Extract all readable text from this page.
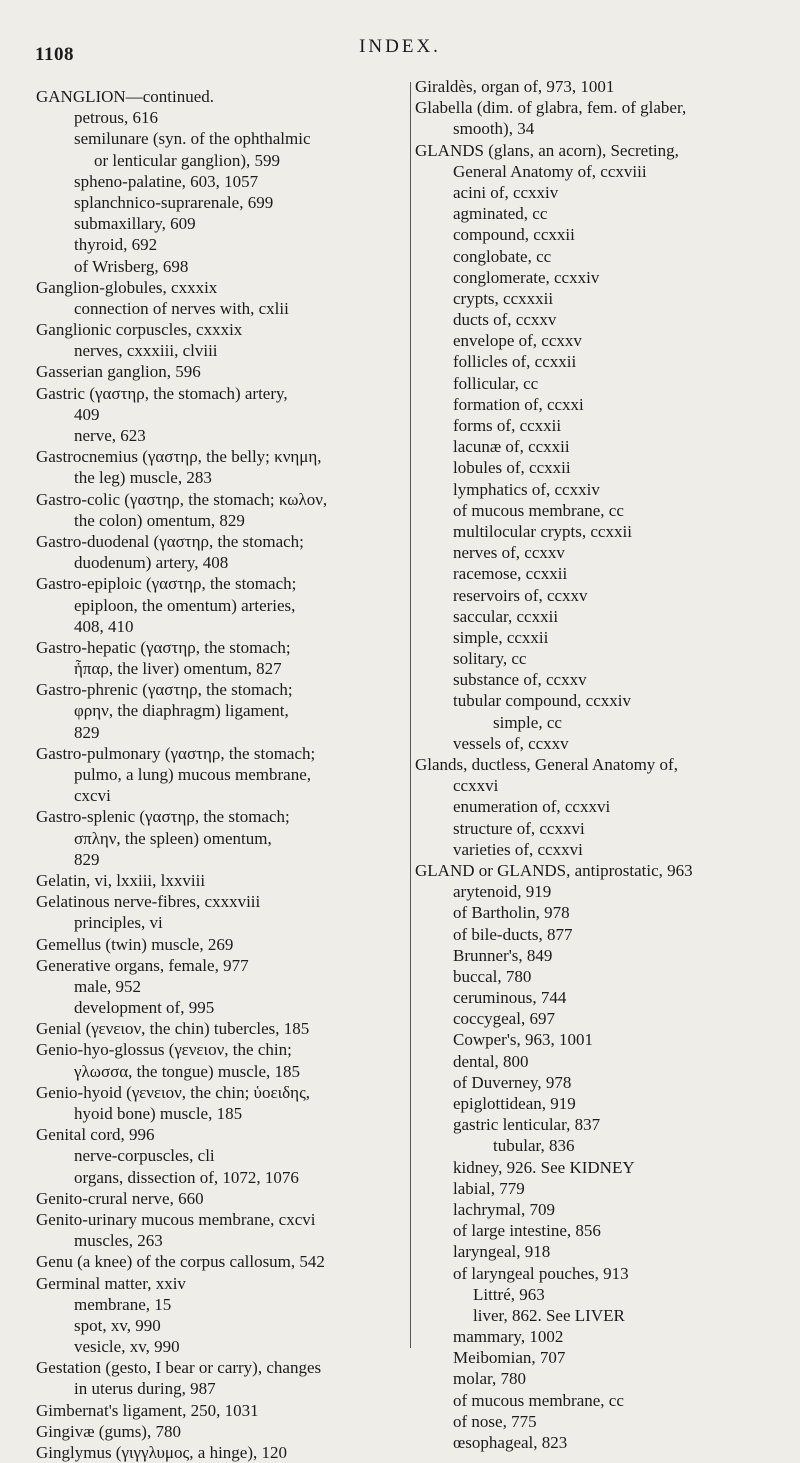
1108	INDEX.
GANGLION—continued.
petrous, 616
semilunare (syn. of the ophthalmic
or lenticular ganglion), 599
spheno-palatine, 603, 1057
splanchnico-suprarenale, 699
submaxillary, 609
thyroid, 692
of Wrisberg, 698
Ganglion-globules, cxxxix
connection of nerves with, cxlii
Ganglionic corpuscles, cxxxix
nerves, cxxxiii, clviii
Gasserian ganglion, 596
Gastric (γαστηρ, the stomach) artery,
409
nerve, 623
Gastrocnemius (γαστηρ, the belly; κνημη,
the leg) muscle, 283
Gastro-colic (γαστηρ, the stomach; κωλον,
the colon) omentum, 829
Gastro-duodenal (γαστηρ, the stomach;
duodenum) artery, 408
Gastro-epiploic (γαστηρ, the stomach;
epiploon, the omentum) arteries,
408, 410
Gastro-hepatic (γαστηρ, the stomach;
ἧπαρ, the liver) omentum, 827
Gastro-phrenic (γαστηρ, the stomach;
φρην, the diaphragm) ligament,
829
Gastro-pulmonary (γαστηρ, the stomach;
pulmo, a lung) mucous membrane,
cxcvi
Gastro-splenic (γαστηρ, the stomach;
σπλην, the spleen) omentum,
829
Gelatin, vi, lxxiii, lxxviii
Gelatinous nerve-fibres, cxxxviii
principles, vi
Gemellus (twin) muscle, 269
Generative organs, female, 977
male, 952
development of, 995
Genial (γενειον, the chin) tubercles, 185
Genio-hyo-glossus (γενειον, the chin;
γλωσσα, the tongue) muscle, 185
Genio-hyoid (γενειον, the chin; ὑοειδης,
hyoid bone) muscle, 185
Genital cord, 996
nerve-corpuscles, cli
organs, dissection of, 1072, 1076
Genito-crural nerve, 660
Genito-urinary mucous membrane, cxcvi
muscles, 263
Genu (a knee) of the corpus callosum, 542
Germinal matter, xxiv
membrane, 15
spot, xv, 990
vesicle, xv, 990
Gestation (gesto, I bear or carry), changes
in uterus during, 987
Gimbernat's ligament, 250, 1031
Gingivæ (gums), 780
Ginglymus (γιγγλυμος, a hinge), 120
Giraldès, organ of, 973, 1001
Glabella (dim. of glabra, fem. of glaber,
smooth), 34
GLANDS (glans, an acorn), Secreting,
General Anatomy of, ccxviii
acini of, ccxxiv
agminated, cc
compound, ccxxii
conglobate, cc
conglomerate, ccxxiv
crypts, ccxxxii
ducts of, ccxxv
envelope of, ccxxv
follicles of, ccxxii
follicular, cc
formation of, ccxxi
forms of, ccxxii
lacunæ of, ccxxii
lobules of, ccxxii
lymphatics of, ccxxiv
of mucous membrane, cc
multilocular crypts, ccxxii
nerves of, ccxxv
racemose, ccxxii
reservoirs of, ccxxv
saccular, ccxxii
simple, ccxxii
solitary, cc
substance of, ccxxv
tubular compound, ccxxiv
simple, cc
vessels of, ccxxv
Glands, ductless, General Anatomy of,
ccxxvi
enumeration of, ccxxvi
structure of, ccxxvi
varieties of, ccxxvi
GLAND or GLANDS, antiprostatic, 963
arytenoid, 919
of Bartholin, 978
of bile-ducts, 877
Brunner's, 849
buccal, 780
ceruminous, 744
coccygeal, 697
Cowper's, 963, 1001
dental, 800
of Duverney, 978
epiglottidean, 919
gastric lenticular, 837
tubular, 836
kidney, 926. See KIDNEY
labial, 779
lachrymal, 709
of large intestine, 856
laryngeal, 918
of laryngeal pouches, 913
Littré, 963
liver, 862. See LIVER
mammary, 1002
Meibomian, 707
molar, 780
of mucous membrane, cc
of nose, 775
œsophageal, 823
